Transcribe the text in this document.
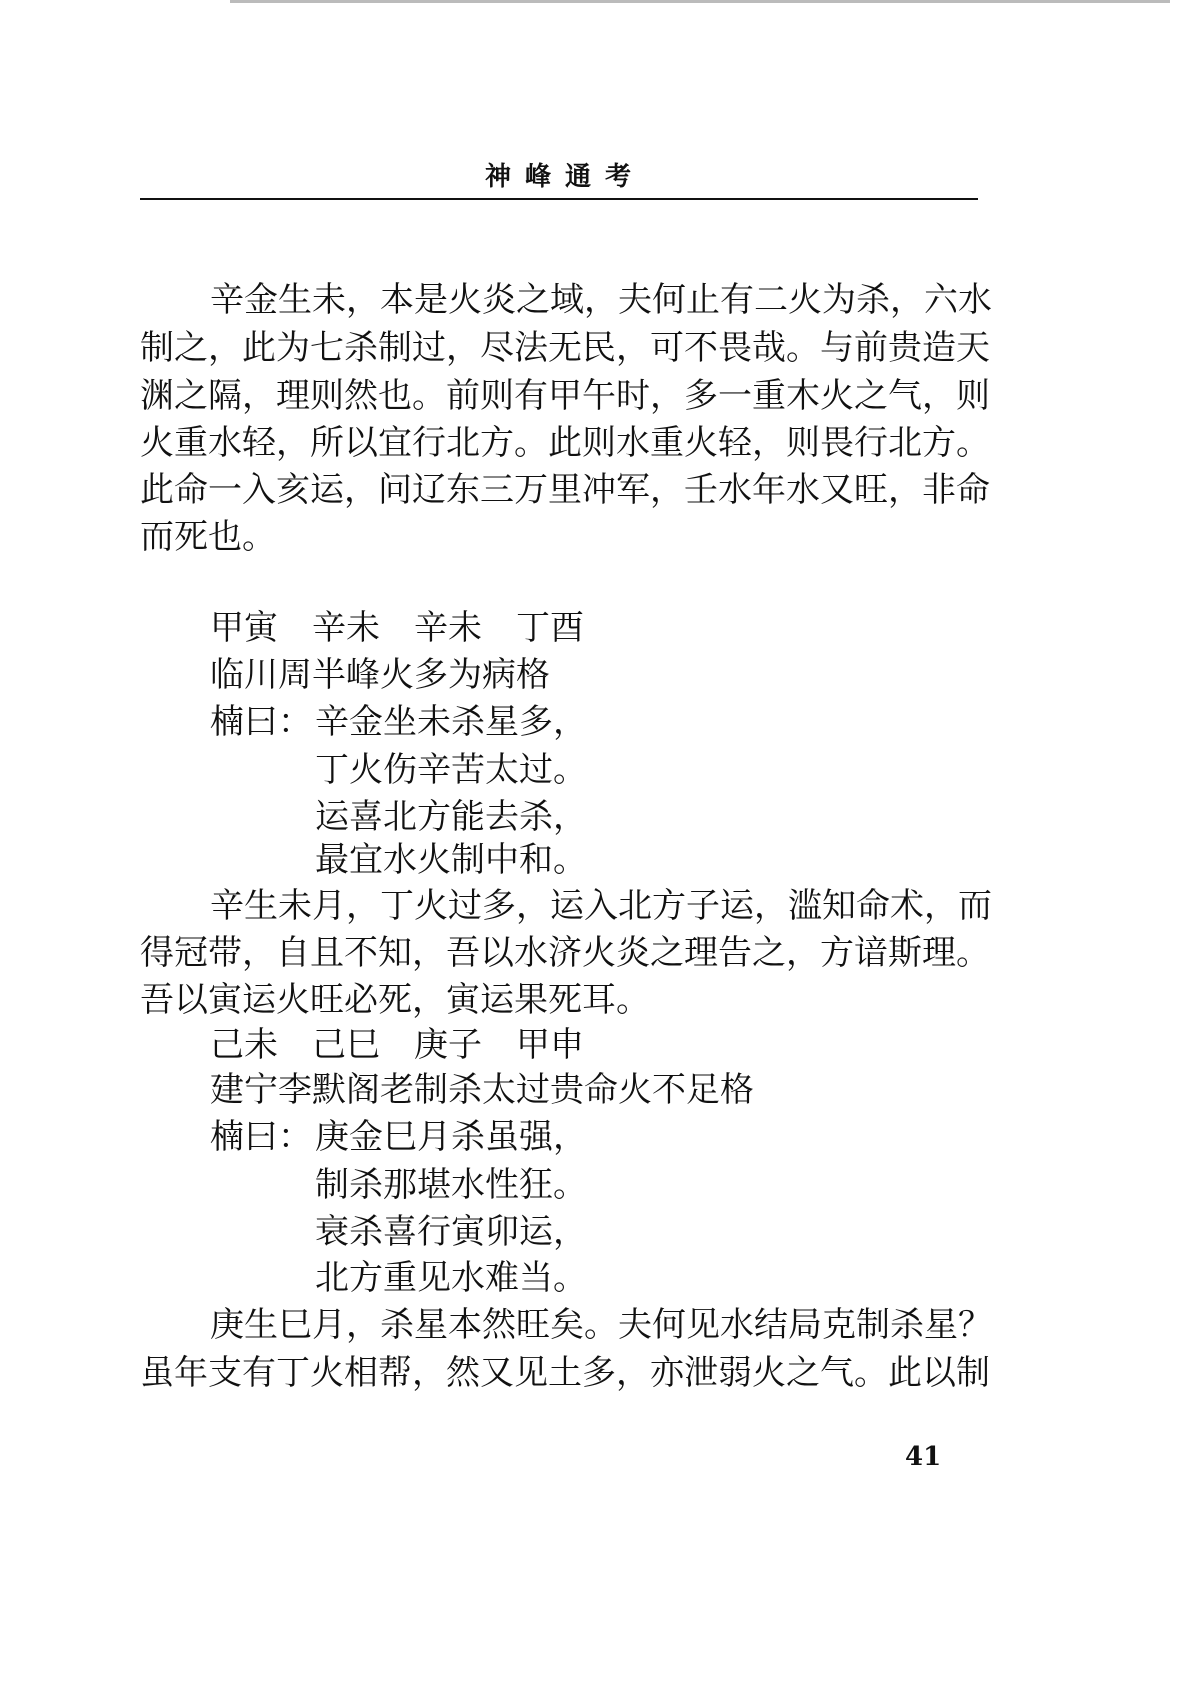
神峰通考
辛金生未，本是火炎之域，夫何止有二火为杀，六水
制之，此为七杀制过，尽法无民，可不畏哉。与前贵造天
渊之隔，理则然也。前则有甲午时，多一重木火之气，则
火重水轻，所以宜行北方。此则水重火轻，则畏行北方。
此命一入亥运，问辽东三万里冲军，壬水年水又旺，非命
而死也。
甲寅 辛未 辛未 丁酉
临川周半峰火多为病格
楠曰： 辛金坐未杀星多，
丁火伤辛苦太过。
运喜北方能去杀，
最宜水火制中和。
辛生未月，丁火过多，运入北方子运，滥知命术，而
得冠带，自且不知，吾以水济火炎之理告之，方谙斯理。
吾以寅运火旺必死，寅运果死耳。
己未 己巳 庚子 甲申
建宁李默阁老制杀太过贵命火不足格
楠曰： 庚金巳月杀虽强，
制杀那堪水性狂。
衰杀喜行寅卯运，
北方重见水难当。
庚生巳月，杀星本然旺矣。夫何见水结局克制杀星？
虽年支有丁火相帮，然又见土多，亦泄弱火之气。此以制
41
